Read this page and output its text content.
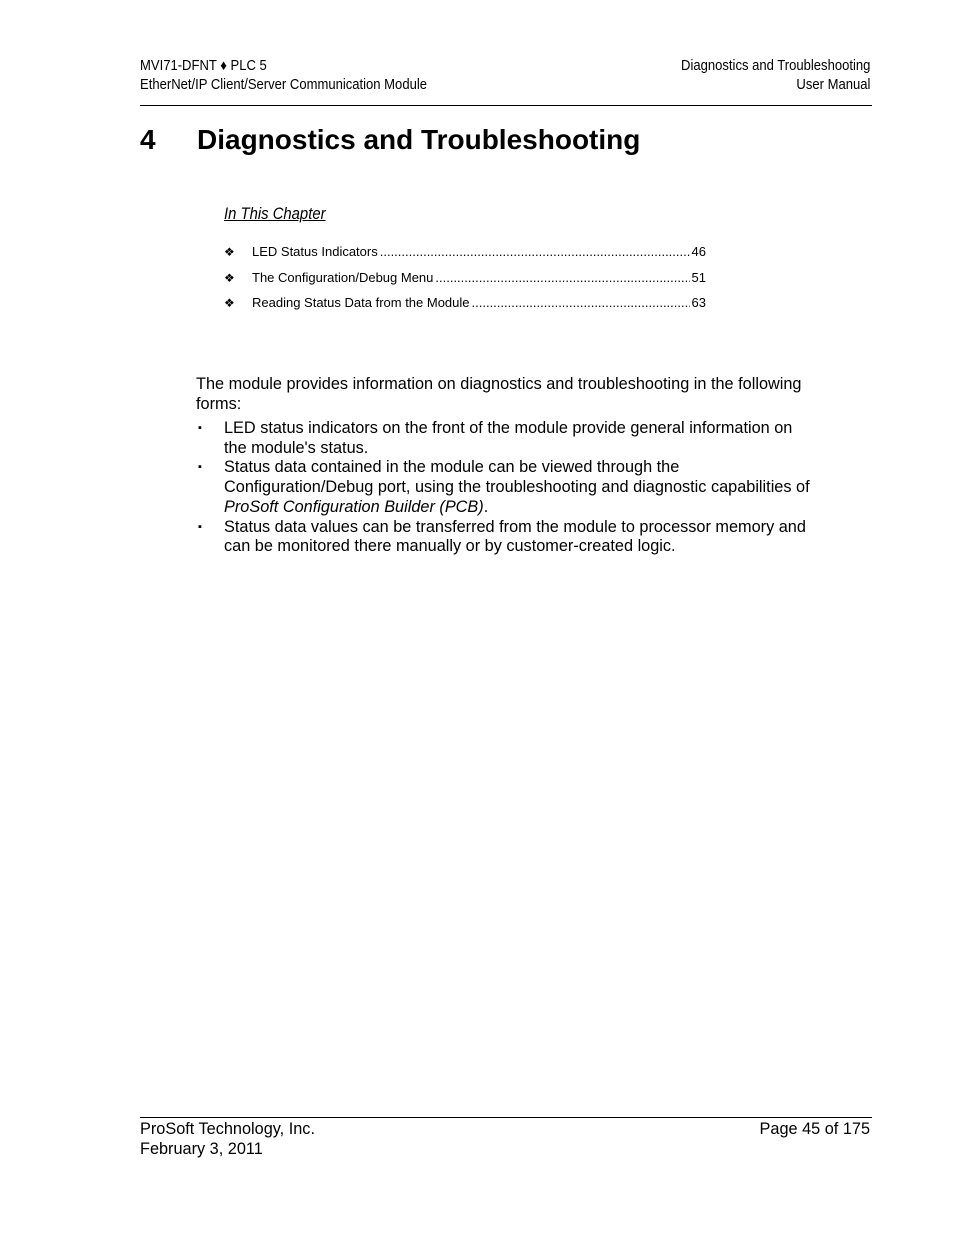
MVI71-DFNT ♦ PLC 5
EtherNet/IP Client/Server Communication Module
Diagnostics and Troubleshooting
User Manual
4 Diagnostics and Troubleshooting
In This Chapter
❖	LED Status Indicators .....	46
❖	The Configuration/Debug Menu .....	51
❖	Reading Status Data from the Module .....	63
The module provides information on diagnostics and troubleshooting in the following forms:
▪ LED status indicators on the front of the module provide general information on the module's status.
▪ Status data contained in the module can be viewed through the Configuration/Debug port, using the troubleshooting and diagnostic capabilities of ProSoft Configuration Builder (PCB).
▪ Status data values can be transferred from the module to processor memory and can be monitored there manually or by customer-created logic.
ProSoft Technology, Inc.
February 3, 2011
Page 45 of 175
